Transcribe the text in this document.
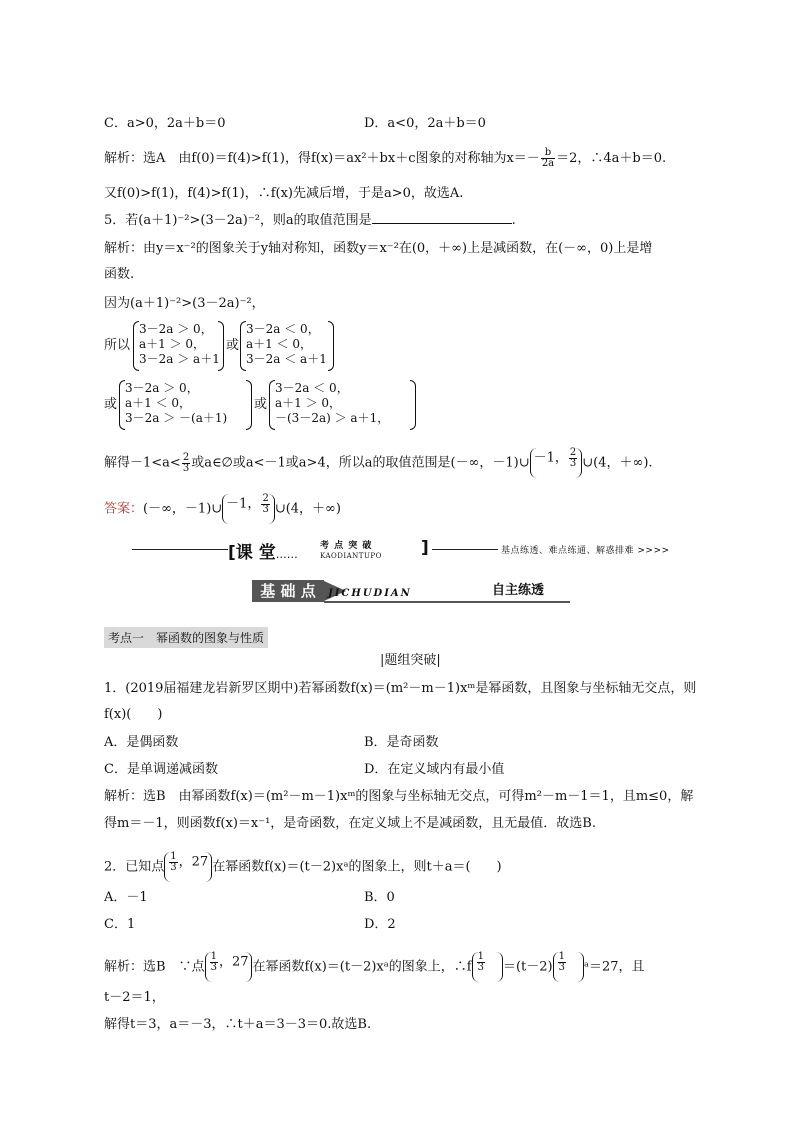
C．a>0，2a＋b＝0	D．a<0，2a＋b＝0
解析：选A　由f(0)＝f(4)>f(1)，得f(x)＝ax²＋bx＋c图象的对称轴为$x=- \frac{b}{2a} =2$，∴4a＋b＝0.
又f(0)>f(1)，f(4)>f(1)，∴f(x)先减后增，于是a>0，故选A.
5．若(a＋1)⁻²>(3－2a)⁻²，则a的取值范围是	.
解析：由y＝x⁻²的图象关于y轴对称知，函数y＝x⁻²在(0，＋∞)上是减函数，在(－∞，0)上是增
函数.
因为(a＋1)⁻²>(3－2a)⁻²，
所以
3－2a ＞ 0，
a＋1 ＞ 0，
3－2a ＞ a＋1
或
3－2a ＜ 0，
a＋1 ＜ 0，
3－2a ＜ a＋1
或
3－2a ＞ 0，
a＋1 ＜ 0，
3－2a ＞ －(a＋1)
或
3－2a ＜ 0，
a＋1 ＞ 0，
－(3－2a) ＞ a＋1，
解得$-1<a< \frac{2}{3}$ 或a∈∅或a<－1或a>4，所以a的取值范围是(－∞，－1)∪ －1， $\frac{2}{3}$ ∪(4，＋∞).
答案：(－∞，－1)∪ －1， $\frac{2}{3}$ ∪(4，＋∞)
[课 堂……
考 点 突 破
KAODIANTUPO ]	基点练透、难点练通、解惑排难 >>>>
基 础 点	JICHUDIAN	自主练透
考点一　幂函数的图象与性质
|题组突破|
1．(2019届福建龙岩新罗区期中)若幂函数f(x)＝(m²－m－1)xᵐ是幂函数，且图象与坐标轴无交点，则
f(x)(　　)
A．是偶函数	B．是奇函数
C．是单调递减函数	D．在定义域内有最小值
解析：选B　由幂函数f(x)＝(m²－m－1)xᵐ的图象与坐标轴无交点，可得m²－m－1＝1，且m≤0，解
得m＝－1，则函数f(x)＝x⁻¹，是奇函数，在定义域上不是减函数，且无最值．故选B.
2．已知点 $\frac{1}{3}$ ，27 在幂函数f(x)＝(t－2)xᵃ的图象上，则t＋a＝(　　)
A．－1	B．0
C．1	D．2
解析：选B　∵点 $\frac{1}{3}$ ，27 在幂函数f(x)＝(t－2)xᵃ的图象上，∴f $\frac{1}{3}$
  $=(t-2) \frac{1}{3}$
  ᵃ＝27，且
t－2＝1，
解得t＝3，a＝－3，∴t＋a＝3－3＝0.故选B.
